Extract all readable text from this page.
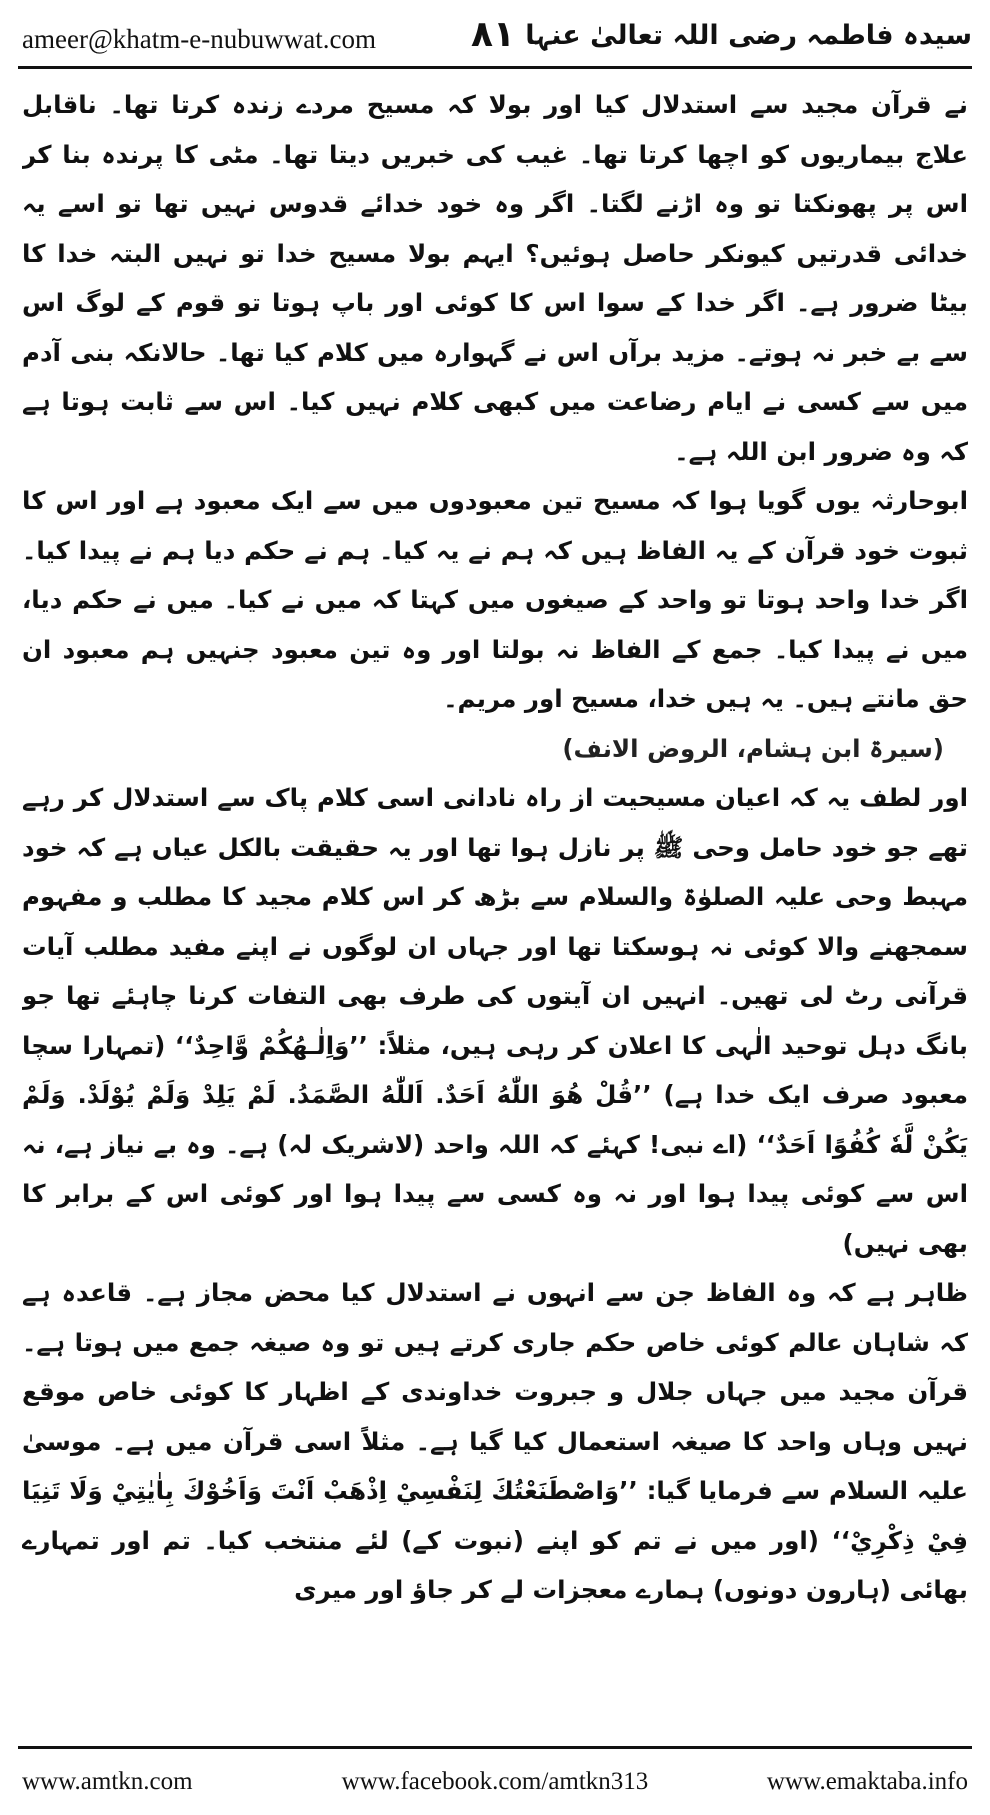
ameer@khatm-e-nubuwwat.com	۸۱ سیدہ فاطمہ رضی اللہ تعالیٰ عنہا

نے قرآن مجید سے استدلال کیا اور بولا کہ مسیح مردے زندہ کرتا تھا۔ ناقابل علاج بیماریوں کو اچھا کرتا تھا۔ غیب کی خبریں دیتا تھا۔ مٹی کا پرندہ بنا کر اس پر پھونکتا تو وہ اڑنے لگتا۔ اگر وہ خود خدائے قدوس نہیں تھا تو اسے یہ خدائی قدرتیں کیونکر حاصل ہوئیں؟ ایہم بولا مسیح خدا تو نہیں البتہ خدا کا بیٹا ضرور ہے۔ اگر خدا کے سوا اس کا کوئی اور باپ ہوتا تو قوم کے لوگ اس سے بے خبر نہ ہوتے۔ مزید برآں اس نے گہوارہ میں کلام کیا تھا۔ حالانکہ بنی آدم میں سے کسی نے ایام رضاعت میں کبھی کلام نہیں کیا۔ اس سے ثابت ہوتا ہے کہ وہ ضرور ابن اللہ ہے۔

ابوحارثہ یوں گویا ہوا کہ مسیح تین معبودوں میں سے ایک معبود ہے اور اس کا ثبوت خود قرآن کے یہ الفاظ ہیں کہ ہم نے یہ کیا۔ ہم نے حکم دیا ہم نے پیدا کیا۔ اگر خدا واحد ہوتا تو واحد کے صیغوں میں کہتا کہ میں نے کیا۔ میں نے حکم دیا، میں نے پیدا کیا۔ جمع کے الفاظ نہ بولتا اور وہ تین معبود جنہیں ہم معبود ان حق مانتے ہیں۔ یہ ہیں خدا، مسیح اور مریم۔

(سیرۃ ابن ہشام، الروض الانف)

اور لطف یہ کہ اعیان مسیحیت از راہ نادانی اسی کلام پاک سے استدلال کر رہے تھے جو خود حامل وحی ﷺ پر نازل ہوا تھا اور یہ حقیقت بالکل عیاں ہے کہ خود مہبط وحی علیہ الصلوٰۃ والسلام سے بڑھ کر اس کلام مجید کا مطلب و مفہوم سمجھنے والا کوئی نہ ہوسکتا تھا اور جہاں ان لوگوں نے اپنے مفید مطلب آیات قرآنی رٹ لی تھیں۔ انہیں ان آیتوں کی طرف بھی التفات کرنا چاہئے تھا جو بانگ دہل توحید الٰہی کا اعلان کر رہی ہیں، مثلاً: ’’وَاِلٰـهُكُمْ وَّاحِدٌ‘‘ (تمہارا سچا معبود صرف ایک خدا ہے) ’’قُلْ هُوَ اللّٰهُ اَحَدٌ. اَللّٰهُ الصَّمَدُ. لَمْ يَلِدْ وَلَمْ يُوْلَدْ. وَلَمْ يَكُنْ لَّهٗ كُفُوًا اَحَدٌ‘‘ (اے نبی! کہئے کہ اللہ واحد (لاشریک لہ) ہے۔ وہ بے نیاز ہے، نہ اس سے کوئی پیدا ہوا اور نہ وہ کسی سے پیدا ہوا اور کوئی اس کے برابر کا بھی نہیں)

ظاہر ہے کہ وہ الفاظ جن سے انہوں نے استدلال کیا محض مجاز ہے۔ قاعدہ ہے کہ شاہان عالم کوئی خاص حکم جاری کرتے ہیں تو وہ صیغہ جمع میں ہوتا ہے۔ قرآن مجید میں جہاں جلال و جبروت خداوندی کے اظہار کا کوئی خاص موقع نہیں وہاں واحد کا صیغہ استعمال کیا گیا ہے۔ مثلاً اسی قرآن میں ہے۔ موسیٰ علیہ السلام سے فرمایا گیا: ’’وَاصْطَنَعْتُكَ لِنَفْسِيْ اِذْهَبْ اَنْتَ وَاَخُوْكَ بِاٰيٰتِيْ وَلَا تَنِيَا فِيْ ذِكْرِيْ‘‘ (اور میں نے تم کو اپنے (نبوت کے) لئے منتخب کیا۔ تم اور تمہارے بھائی (ہارون دونوں) ہمارے معجزات لے کر جاؤ اور میری

www.amtkn.com	www.facebook.com/amtkn313	www.emaktaba.info
